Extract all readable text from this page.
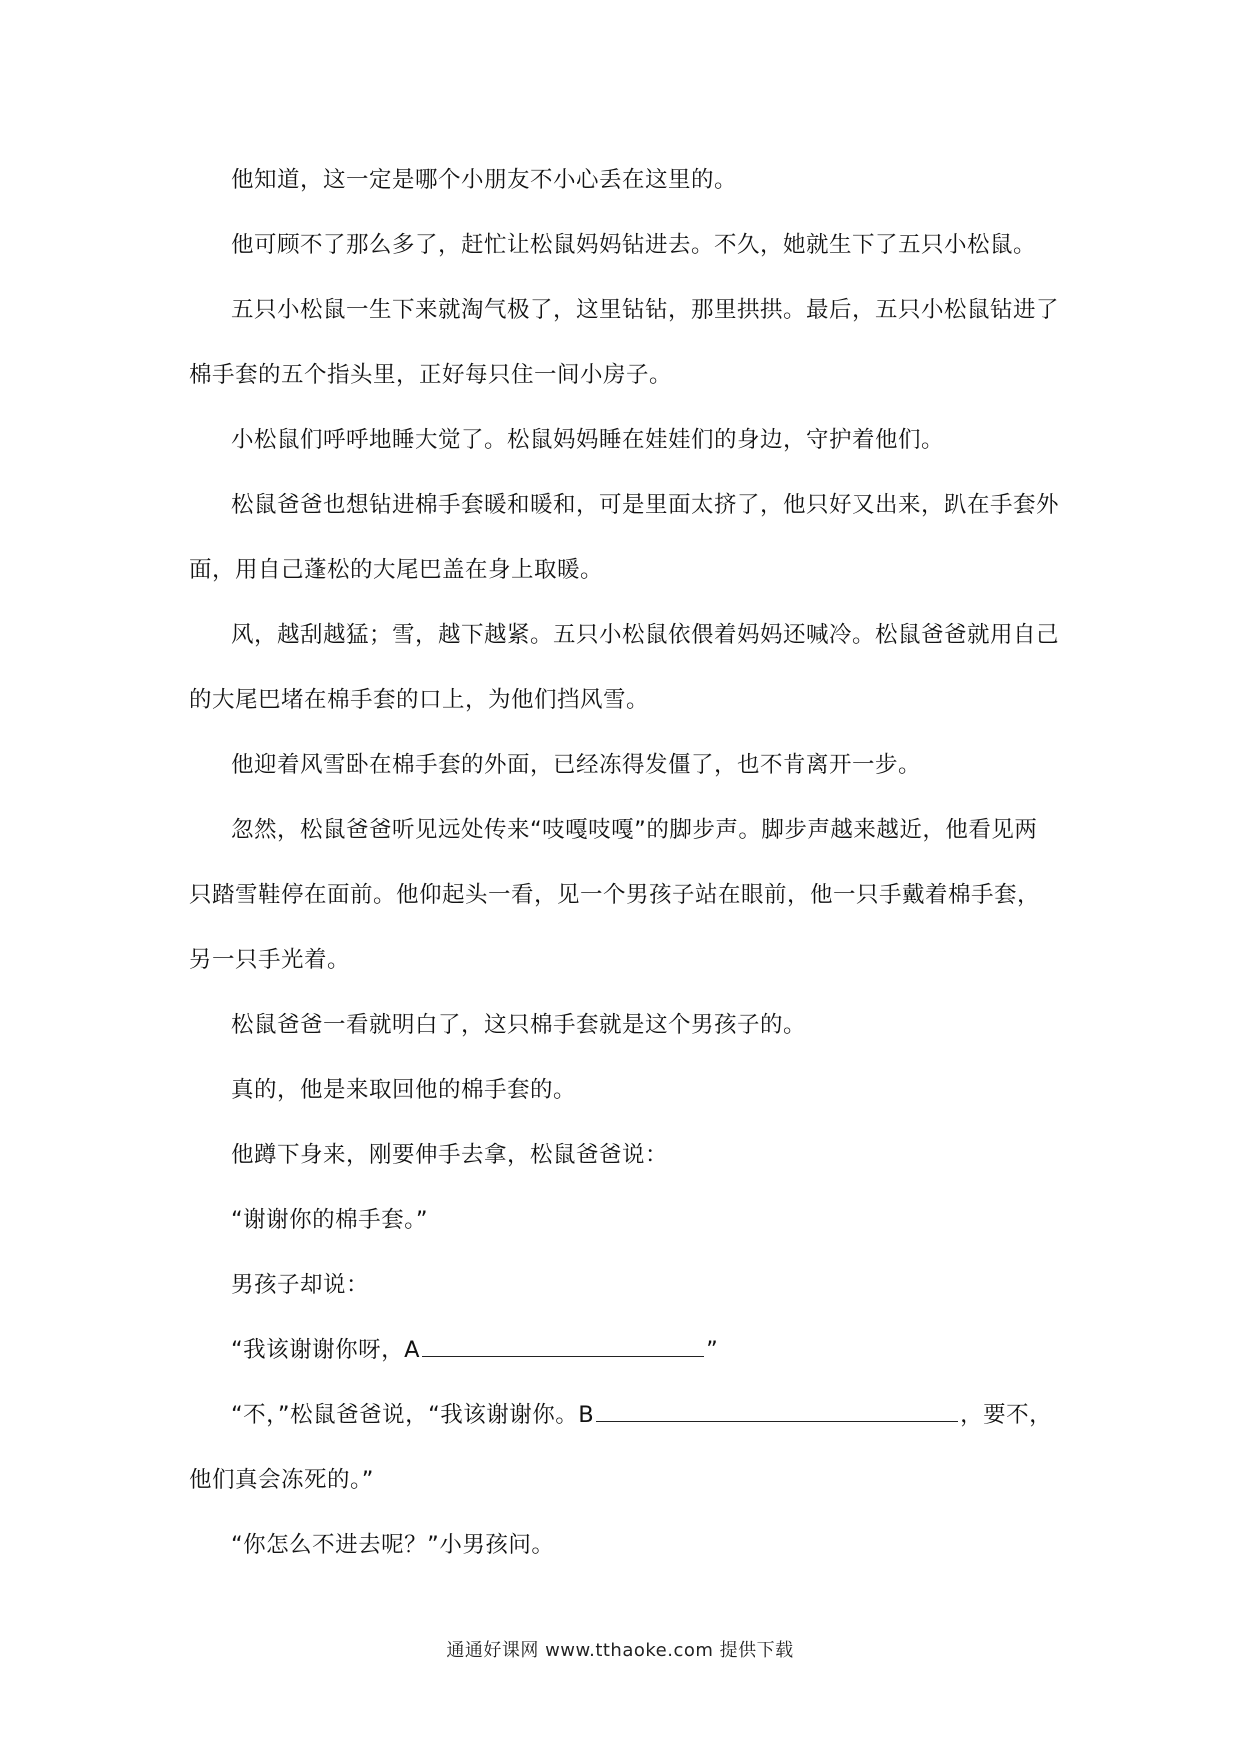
他知道，这一定是哪个小朋友不小心丢在这里的。

他可顾不了那么多了，赶忙让松鼠妈妈钻进去。不久，她就生下了五只小松鼠。

五只小松鼠一生下来就淘气极了，这里钻钻，那里拱拱。最后，五只小松鼠钻进了棉手套的五个指头里，正好每只住一间小房子。

小松鼠们呼呼地睡大觉了。松鼠妈妈睡在娃娃们的身边，守护着他们。

松鼠爸爸也想钻进棉手套暖和暖和，可是里面太挤了，他只好又出来，趴在手套外面，用自己蓬松的大尾巴盖在身上取暖。

风，越刮越猛；雪，越下越紧。五只小松鼠依偎着妈妈还喊冷。松鼠爸爸就用自己的大尾巴堵在棉手套的口上，为他们挡风雪。

他迎着风雪卧在棉手套的外面，已经冻得发僵了，也不肯离开一步。

忽然，松鼠爸爸听见远处传来“吱嘎吱嘎”的脚步声。脚步声越来越近，他看见两只踏雪鞋停在面前。他仰起头一看，见一个男孩子站在眼前，他一只手戴着棉手套，另一只手光着。

松鼠爸爸一看就明白了，这只棉手套就是这个男孩子的。

真的，他是来取回他的棉手套的。

他蹲下身来，刚要伸手去拿，松鼠爸爸说：

“谢谢你的棉手套。”

男孩子却说：

“我该谢谢你呀，A	”
“不，”松鼠爸爸说，“我该谢谢你。B	，要不，
他们真会冻死的。”

“你怎么不进去呢？”小男孩问。

通通好课网 www.tthaoke.com 提供下载
